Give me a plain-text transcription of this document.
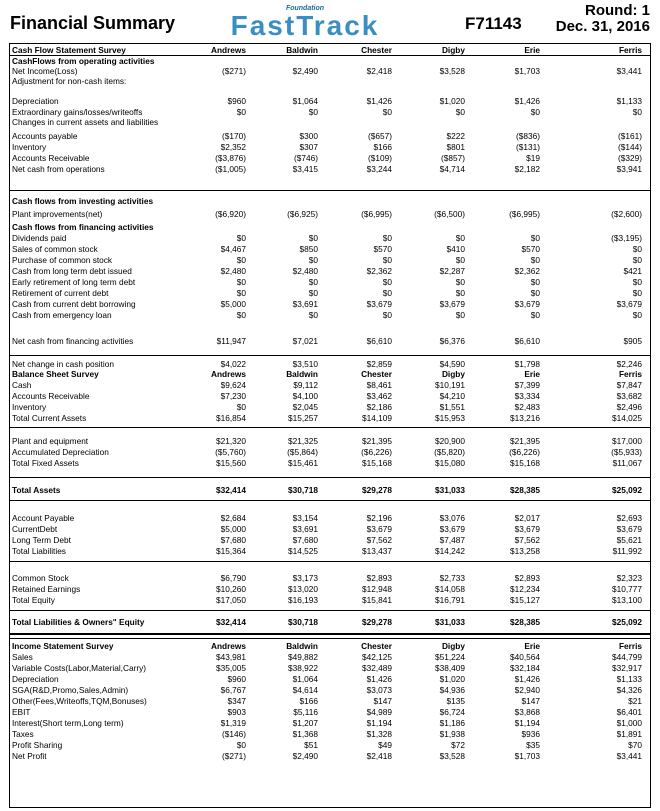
Financial Summary
Foundation
FastTrack	F71143
Round: 1
Dec. 31, 2016
Andrews	Baldwin	Chester	Digby	Erie	Ferris
Cash Flow Statement Survey
CashFlows from operating activities
Net Income(Loss)	($271)	$2,490	$2,418	$3,528	$1,703	$3,441
Adjustment for non-cash items:
Depreciation	$960	$1,064	$1,426	$1,020	$1,426	$1,133
Extraordinary gains/losses/writeoffs	$0	$0	$0	$0	$0	$0
Changes in current assets and liabilities
Accounts payable	($170)	$300	($657)	$222	($836)	($161)
Inventory	$2,352	$307	$166	$801	($131)	($144)
Accounts Receivable	($3,876)	($746)	($109)	($857)	$19	($329)
Net cash from operations	($1,005)	$3,415	$3,244	$4,714	$2,182	$3,941
Cash flows from investing activities
Plant improvements(net)	($6,920)	($6,925)	($6,995)	($6,500)	($6,995)	($2,600)
Cash flows from financing activities
Dividends paid	$0	$0	$0	$0	$0	($3,195)
Sales of common stock	$4,467	$850	$570	$410	$570	$0
Purchase of common stock	$0	$0	$0	$0	$0	$0
Cash from long term debt issued	$2,480	$2,480	$2,362	$2,287	$2,362	$421
Early retirement of long term debt	$0	$0	$0	$0	$0	$0
Retirement of current debt	$0	$0	$0	$0	$0	$0
Cash from current debt borrowing	$5,000	$3,691	$3,679	$3,679	$3,679	$3,679
Cash from emergency loan	$0	$0	$0	$0	$0	$0
Net cash from financing activities	$11,947	$7,021	$6,610	$6,376	$6,610	$905
Net change in cash position	$4,022	$3,510	$2,859	$4,590	$1,798	$2,246
Balance Sheet Survey	Andrews	Baldwin	Chester	Digby	Erie	Ferris
Cash	$9,624	$9,112	$8,461	$10,191	$7,399	$7,847
Accounts Receivable	$7,230	$4,100	$3,462	$4,210	$3,334	$3,682
Inventory	$0	$2,045	$2,186	$1,551	$2,483	$2,496
Total Current Assets	$16,854	$15,257	$14,109	$15,953	$13,216	$14,025
Plant and equipment	$21,320	$21,325	$21,395	$20,900	$21,395	$17,000
Accumulated Depreciation	($5,760)	($5,864)	($6,226)	($5,820)	($6,226)	($5,933)
Total Fixed Assets	$15,560	$15,461	$15,168	$15,080	$15,168	$11,067
Total Assets	$32,414	$30,718	$29,278	$31,033	$28,385	$25,092
Account Payable	$2,684	$3,154	$2,196	$3,076	$2,017	$2,693
CurrentDebt	$5,000	$3,691	$3,679	$3,679	$3,679	$3,679
Long Term Debt	$7,680	$7,680	$7,562	$7,487	$7,562	$5,621
Total Liabilities	$15,364	$14,525	$13,437	$14,242	$13,258	$11,992
Common Stock	$6,790	$3,173	$2,893	$2,733	$2,893	$2,323
Retained Earnings	$10,260	$13,020	$12,948	$14,058	$12,234	$10,777
Total Equity	$17,050	$16,193	$15,841	$16,791	$15,127	$13,100
Total Liabilities & Owners" Equity	$32,414	$30,718	$29,278	$31,033	$28,385	$25,092
Income Statement Survey	Andrews	Baldwin	Chester	Digby	Erie	Ferris
Sales	$43,981	$49,882	$42,125	$51,224	$40,564	$44,799
Variable Costs(Labor,Material,Carry)	$35,005	$38,922	$32,489	$38,409	$32,184	$32,917
Depreciation	$960	$1,064	$1,426	$1,020	$1,426	$1,133
SGA(R&D,Promo,Sales,Admin)	$6,767	$4,614	$3,073	$4,936	$2,940	$4,326
Other(Fees,Writeoffs,TQM,Bonuses)	$347	$166	$147	$135	$147	$21
EBIT	$903	$5,116	$4,989	$6,724	$3,868	$6,401
Interest(Short term,Long term)	$1,319	$1,207	$1,194	$1,186	$1,194	$1,000
Taxes	($146)	$1,368	$1,328	$1,938	$936	$1,891
Profit Sharing	$0	$51	$49	$72	$35	$70
Net Profit	($271)	$2,490	$2,418	$3,528	$1,703	$3,441
